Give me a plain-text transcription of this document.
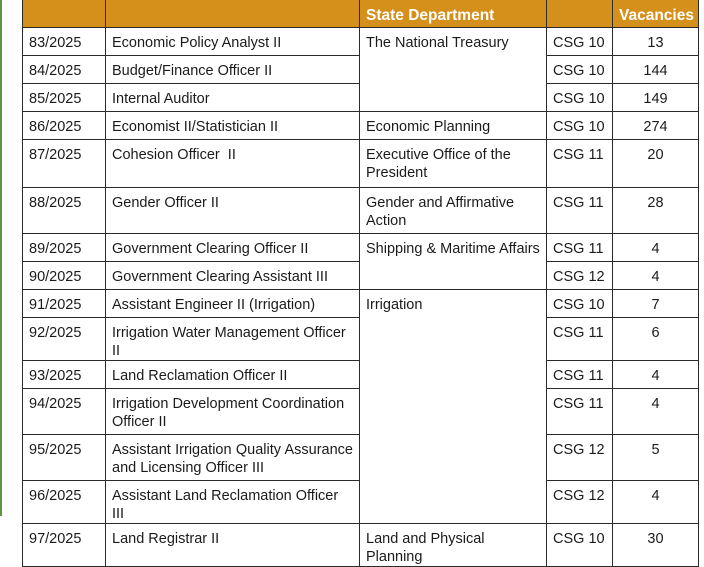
		State Department		Vacancies
83/2025	Economic Policy Analyst II	The National Treasury	CSG 10	13
84/2025	Budget/Finance Officer II		CSG 10	144
85/2025	Internal Auditor		CSG 10	149
86/2025	Economist II/Statistician II	Economic Planning	CSG 10	274
87/2025	Cohesion Officer  II	Executive Office of the President	CSG 11	20
88/2025	Gender Officer II	Gender and Affirmative Action	CSG 11	28
89/2025	Government Clearing Officer II	Shipping & Maritime Affairs	CSG 11	4
90/2025	Government Clearing Assistant III		CSG 12	4
91/2025	Assistant Engineer II (Irrigation)	Irrigation	CSG 10	7
92/2025	Irrigation Water Management Officer II		CSG 11	6
93/2025	Land Reclamation Officer II		CSG 11	4
94/2025	Irrigation Development Coordination Officer II		CSG 11	4
95/2025	Assistant Irrigation Quality Assurance and Licensing Officer III		CSG 12	5
96/2025	Assistant Land Reclamation Officer III		CSG 12	4
97/2025	Land Registrar II	Land and Physical Planning	CSG 10	30
